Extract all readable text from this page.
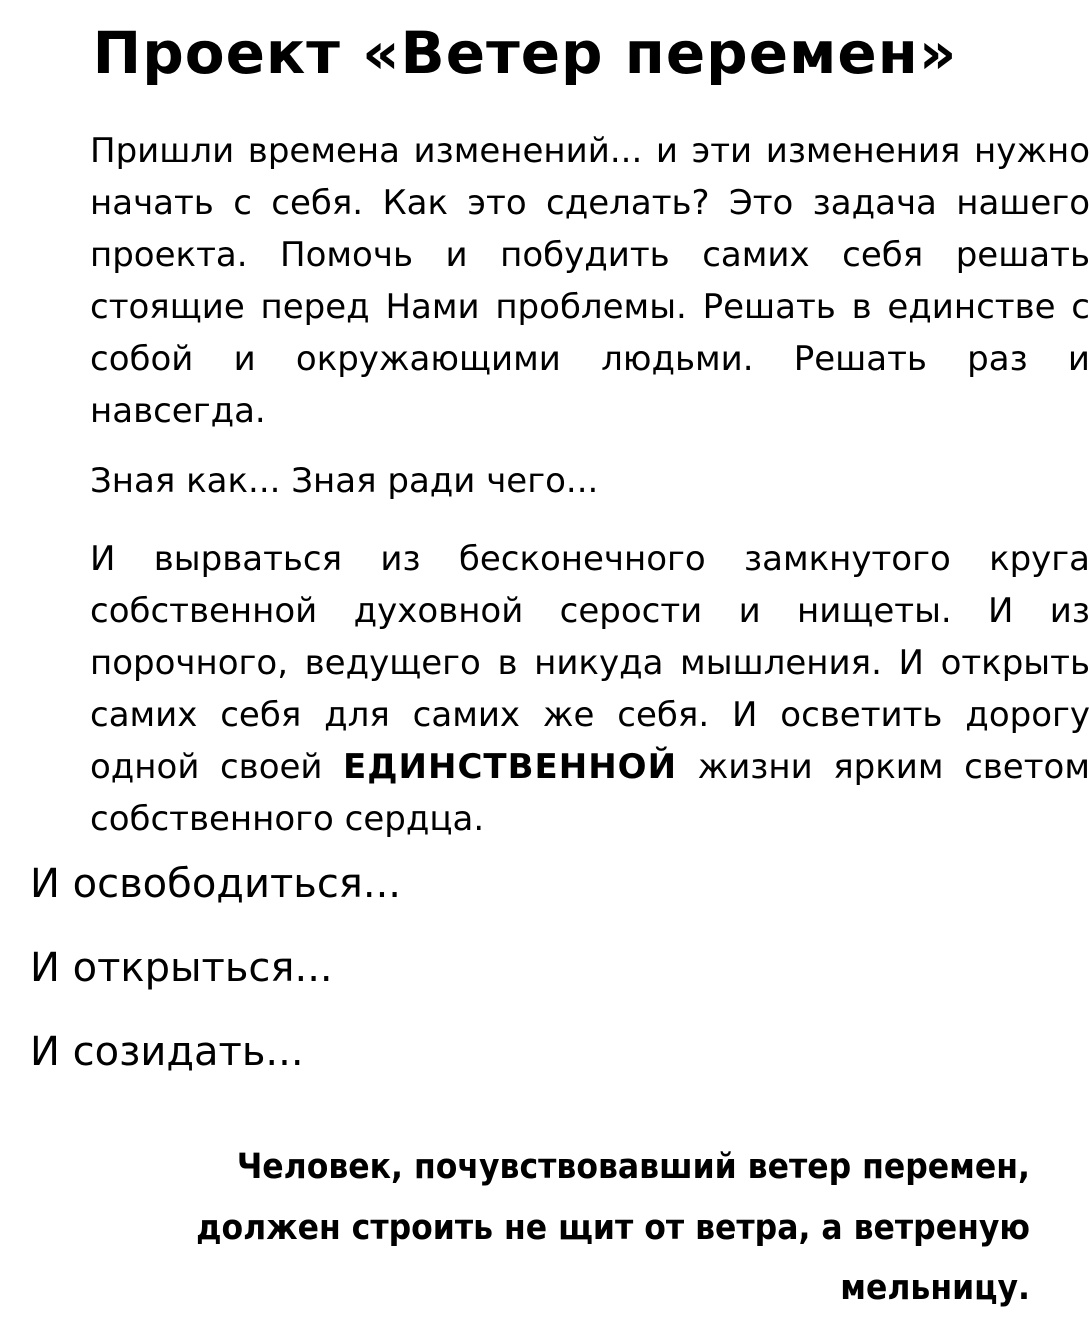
Проект «Ветер перемен»

Пришли времена изменений... и эти изменения нужно начать с себя. Как это сделать? Это задача нашего проекта. Помочь и побудить самих себя решать стоящие перед Нами проблемы. Решать в единстве с собой и окружающими людьми. Решать раз и навсегда.

Зная как... Зная ради чего...

И вырваться из бесконечного замкнутого круга собственной духовной серости и нищеты. И из порочного, ведущего в никуда мышления. И открыть самих себя для самих же себя. И осветить дорогу одной своей ЕДИНСТВЕННОЙ жизни ярким светом собственного сердца.

И освободиться...
И открыться...
И созидать...
Человек, почувствовавший ветер перемен,
должен строить не щит от ветра, а ветреную
мельницу.
